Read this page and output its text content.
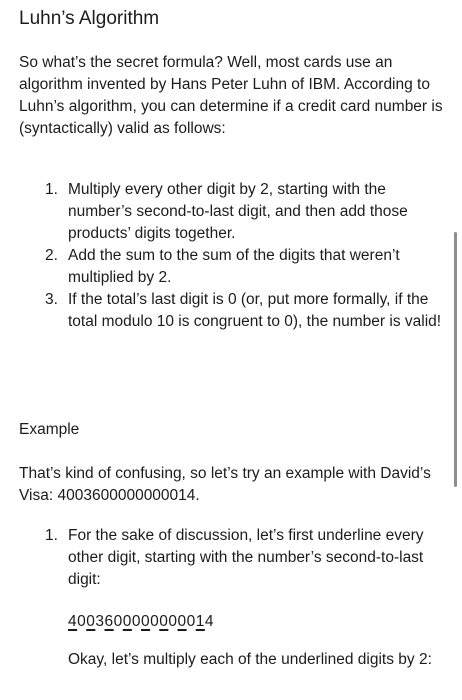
Luhn’s Algorithm

So what’s the secret formula? Well, most cards use an algorithm invented by Hans Peter Luhn of IBM. According to Luhn’s algorithm, you can determine if a credit card number is (syntactically) valid as follows:

1. Multiply every other digit by 2, starting with the number’s second-to-last digit, and then add those products’ digits together.
2. Add the sum to the sum of the digits that weren’t multiplied by 2.
3. If the total’s last digit is 0 (or, put more formally, if the total modulo 10 is congruent to 0), the number is valid!
Example

That’s kind of confusing, so let’s try an example with David’s Visa: 4003600000000014.

1. For the sake of discussion, let’s first underline every other digit, starting with the number’s second-to-last digit:
4003600000000014
Okay, let’s multiply each of the underlined digits by 2:
